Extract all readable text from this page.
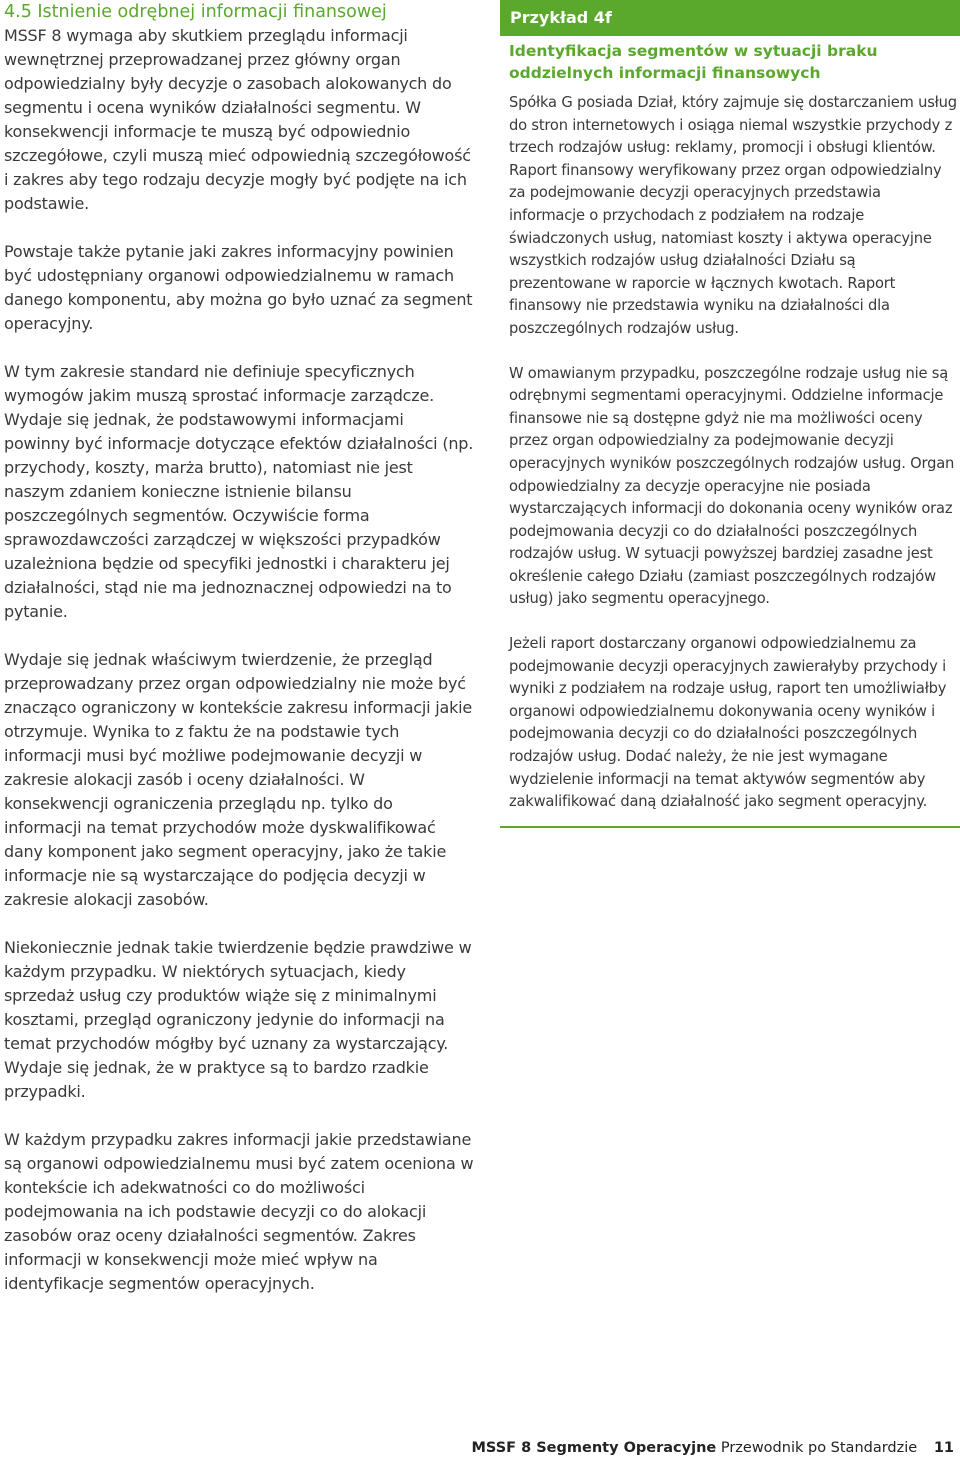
4.5 Istnienie odrębnej informacji finansowej

MSSF 8 wymaga aby skutkiem przeglądu informacji wewnętrznej przeprowadzanej przez główny organ odpowiedzialny były decyzje o zasobach alokowanych do segmentu i ocena wyników działalności segmentu. W konsekwencji informacje te muszą być odpowiednio szczegółowe, czyli muszą mieć odpowiednią szczegółowość i zakres aby tego rodzaju decyzje mogły być podjęte na ich podstawie.

Powstaje także pytanie jaki zakres informacyjny powinien być udostępniany organowi odpowiedzialnemu w ramach danego komponentu, aby można go było uznać za segment operacyjny.

W tym zakresie standard nie definiuje specyficznych wymogów jakim muszą sprostać informacje zarządcze. Wydaje się jednak, że podstawowymi informacjami powinny być informacje dotyczące efektów działalności (np. przychody, koszty, marża brutto), natomiast nie jest naszym zdaniem konieczne istnienie bilansu poszczególnych segmentów. Oczywiście forma sprawozdawczości zarządczej w większości przypadków uzależniona będzie od specyfiki jednostki i charakteru jej działalności, stąd nie ma jednoznacznej odpowiedzi na to pytanie.

Wydaje się jednak właściwym twierdzenie, że przegląd przeprowadzany przez organ odpowiedzialny nie może być znacząco ograniczony w kontekście zakresu informacji jakie otrzymuje. Wynika to z faktu że na podstawie tych informacji musi być możliwe podejmowanie decyzji w zakresie alokacji zasób i oceny działalności. W konsekwencji ograniczenia przeglądu np. tylko do informacji na temat przychodów może dyskwalifikować dany komponent jako segment operacyjny, jako że takie informacje nie są wystarczające do podjęcia decyzji w zakresie alokacji zasobów.

Niekoniecznie jednak takie twierdzenie będzie prawdziwe w każdym przypadku. W niektórych sytuacjach, kiedy sprzedaż usług czy produktów wiąże się z minimalnymi kosztami, przegląd ograniczony jedynie do informacji na temat przychodów mógłby być uznany za wystarczający. Wydaje się jednak, że w praktyce są to bardzo rzadkie przypadki.

W każdym przypadku zakres informacji jakie przedstawiane są organowi odpowiedzialnemu musi być zatem oceniona w kontekście ich adekwatności co do możliwości podejmowania na ich podstawie decyzji co do alokacji zasobów oraz oceny działalności segmentów. Zakres informacji w konsekwencji może mieć wpływ na identyfikacje segmentów operacyjnych.

Przykład 4f
Identyfikacja segmentów w sytuacji braku oddzielnych informacji finansowych

Spółka G posiada Dział, który zajmuje się dostarczaniem usług do stron internetowych i osiąga niemal wszystkie przychody z trzech rodzajów usług: reklamy, promocji i obsługi klientów. Raport finansowy weryfikowany przez organ odpowiedzialny za podejmowanie decyzji operacyjnych przedstawia informacje o przychodach z podziałem na rodzaje świadczonych usług, natomiast koszty i aktywa operacyjne wszystkich rodzajów usług działalności Działu są prezentowane w raporcie w łącznych kwotach. Raport finansowy nie przedstawia wyniku na działalności dla poszczególnych rodzajów usług.

W omawianym przypadku, poszczególne rodzaje usług nie są odrębnymi segmentami operacyjnymi. Oddzielne informacje finansowe nie są dostępne gdyż nie ma możliwości oceny przez organ odpowiedzialny za podejmowanie decyzji operacyjnych wyników poszczególnych rodzajów usług. Organ odpowiedzialny za decyzje operacyjne nie posiada wystarczających informacji do dokonania oceny wyników oraz podejmowania decyzji co do działalności poszczególnych rodzajów usług. W sytuacji powyższej bardziej zasadne jest określenie całego Działu (zamiast poszczególnych rodzajów usług) jako segmentu operacyjnego.

Jeżeli raport dostarczany organowi odpowiedzialnemu za podejmowanie decyzji operacyjnych zawierałyby przychody i wyniki z podziałem na rodzaje usług, raport ten umożliwiałby organowi odpowiedzialnemu dokonywania oceny wyników i podejmowania decyzji co do działalności poszczególnych rodzajów usług. Dodać należy, że nie jest wymagane wydzielenie informacji na temat aktywów segmentów aby zakwalifikować daną działalność jako segment operacyjny.

MSSF 8 Segmenty Operacyjne Przewodnik po Standardzie 11
